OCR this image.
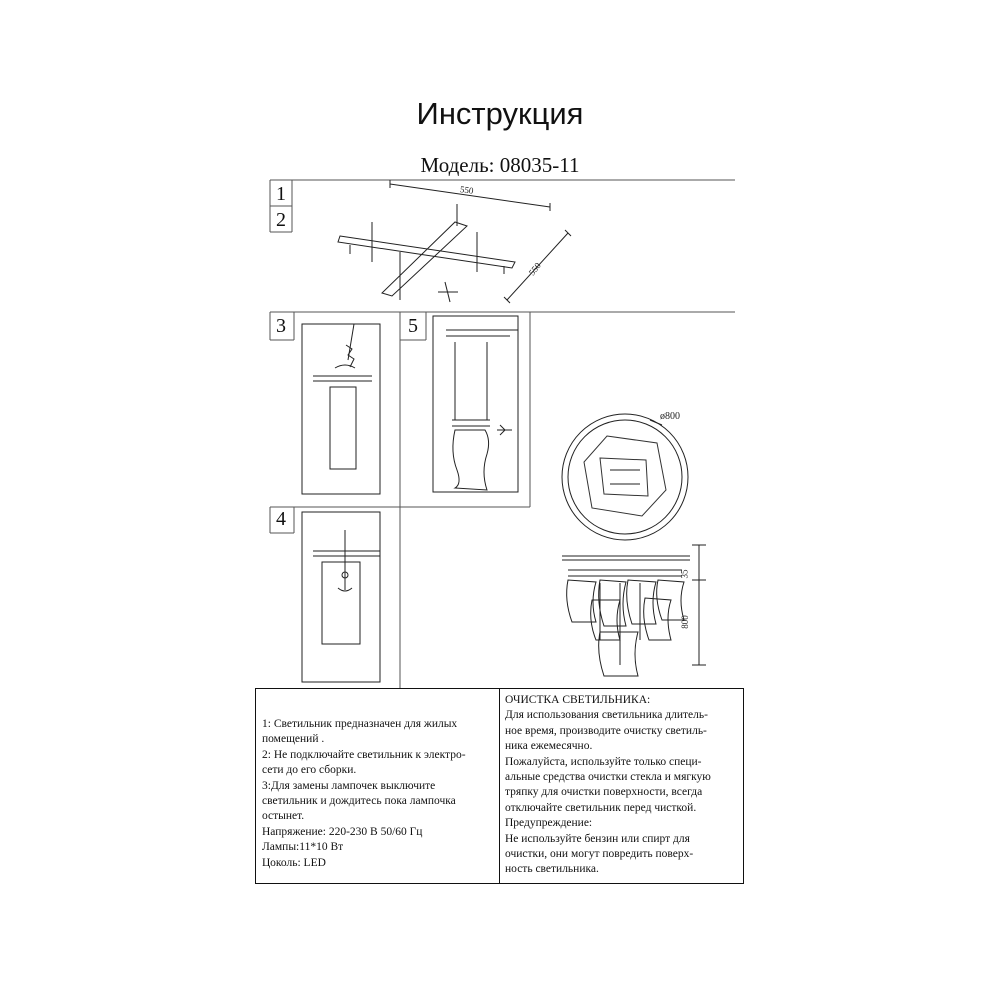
Инструкция
Модель: 08035-11
1
2
3	5
4
550
550
ø800
35
800
1: Светильник предназначен для жилых
помещений .
2: Не подключайте светильник к электро-
сети до его сборки.
3:Для замены лампочек выключите
светильник и дождитесь пока лампочка
остынет.
Напряжение: 220-230 В 50/60 Гц
Лампы:11*10 Вт
Цоколь: LED
ОЧИСТКА СВЕТИЛЬНИКА:
Для использования светильника длитель-
ное время, производите очистку светиль-
ника ежемесячно.
Пожалуйста, используйте только специ-
альные средства очистки стекла и мягкую
тряпку для очистки поверхности, всегда
отключайте светильник перед чисткой.
Предупреждение:
Не используйте бензин или спирт для
очистки, они могут повредить поверх-
ность светильника.
